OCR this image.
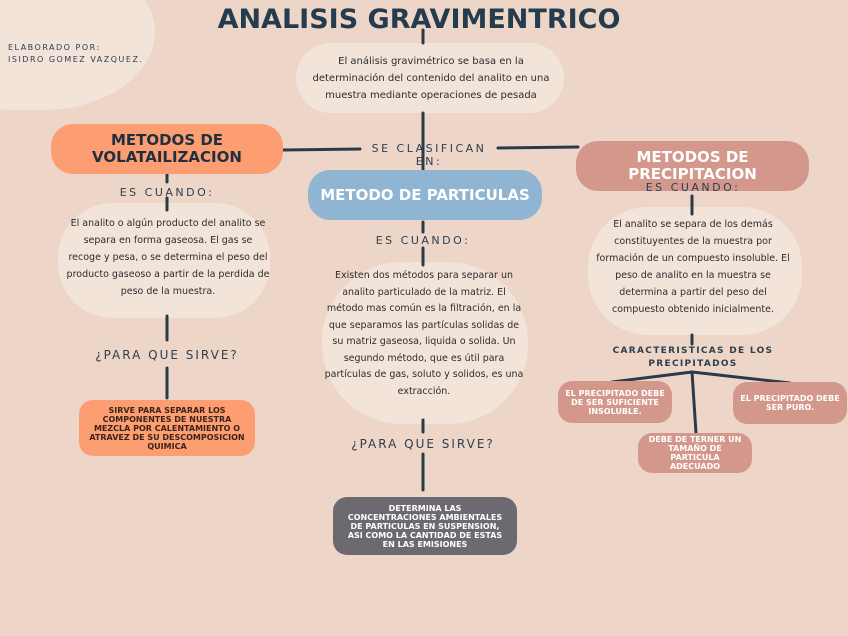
ANALISIS GRAVIMENTRICO
ELABORADO POR:
ISIDRO GOMEZ VAZQUEZ.	El análisis gravimétrico se basa en la determinación del contenido del analito en una muestra mediante operaciones de pesada
SE CLASIFICAN EN:
METODOS DE VOLATAILIZACION
ES CUANDO:
El analito o algún producto del analito se separa en forma gaseosa. El gas se recoge y pesa, o se determina el peso del producto gaseoso a partir de la perdida de peso de la muestra.
¿PARA QUE SIRVE?
SIRVE PARA SEPARAR LOS COMPONENTES DE NUESTRA MEZCLA POR CALENTAMIENTO O ATRAVEZ DE SU DESCOMPOSICION QUIMICA
METODO DE PARTICULAS
ES CUANDO:
Existen dos métodos para separar un analito particulado de la matriz. El método mas común es la filtración, en la que separamos las partículas solidas de su matriz gaseosa, liquida o solida. Un segundo método, que es útil para partículas de gas, soluto y solidos, es una extracción.
¿PARA QUE SIRVE?
DETERMINA LAS CONCENTRACIONES AMBIENTALES DE PARTICULAS EN SUSPENSION, ASI COMO LA CANTIDAD DE ESTAS EN LAS EMISIONES
METODOS DE PRECIPITACION
ES CUANDO:
El analito se separa de los demás constituyentes de la muestra por formación de un compuesto insoluble. El peso de analito en la muestra se determina a partir del peso del compuesto obtenido inicialmente.
CARACTERISTICAS DE LOS PRECIPITADOS
EL PRECIPITADO DEBE DE SER SUFICIENTE INSOLUBLE.
DEBE DE TERNER UN TAMAÑO DE PARTICULA ADECUADO
EL PRECIPITADO DEBE SER PURO.
